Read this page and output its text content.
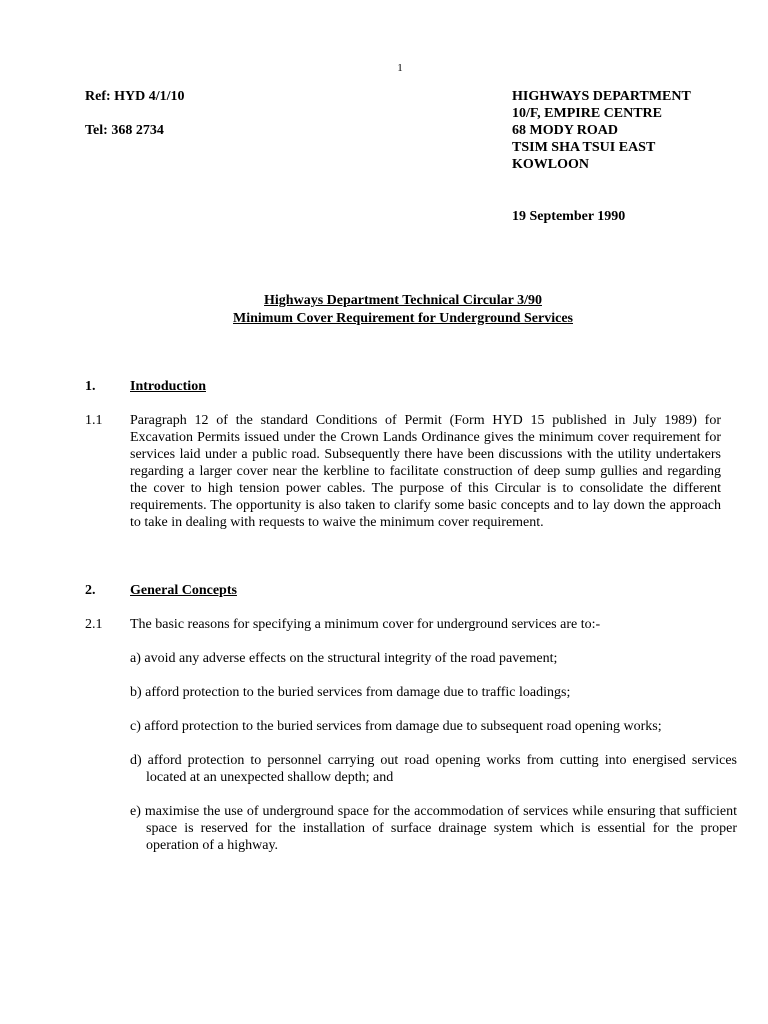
1
Ref: HYD 4/1/10
Tel: 368 2734
HIGHWAYS DEPARTMENT
10/F, EMPIRE CENTRE
68 MODY ROAD
TSIM SHA TSUI EAST
KOWLOON
19 September 1990
Highways Department Technical Circular 3/90
Minimum Cover Requirement for Underground Services
1. Introduction
1.1 Paragraph 12 of the standard Conditions of Permit (Form HYD 15 published in July 1989) for Excavation Permits issued under the Crown Lands Ordinance gives the minimum cover requirement for services laid under a public road. Subsequently there have been discussions with the utility undertakers regarding a larger cover near the kerbline to facilitate construction of deep sump gullies and regarding the cover to high tension power cables. The purpose of this Circular is to consolidate the different requirements. The opportunity is also taken to clarify some basic concepts and to lay down the approach to take in dealing with requests to waive the minimum cover requirement.
2. General Concepts
2.1 The basic reasons for specifying a minimum cover for underground services are to:-
a) avoid any adverse effects on the structural integrity of the road pavement;
b) afford protection to the buried services from damage due to traffic loadings;
c) afford protection to the buried services from damage due to subsequent road opening works;
d) afford protection to personnel carrying out road opening works from cutting into energised services located at an unexpected shallow depth; and
e) maximise the use of underground space for the accommodation of services while ensuring that sufficient space is reserved for the installation of surface drainage system which is essential for the proper operation of a highway.
